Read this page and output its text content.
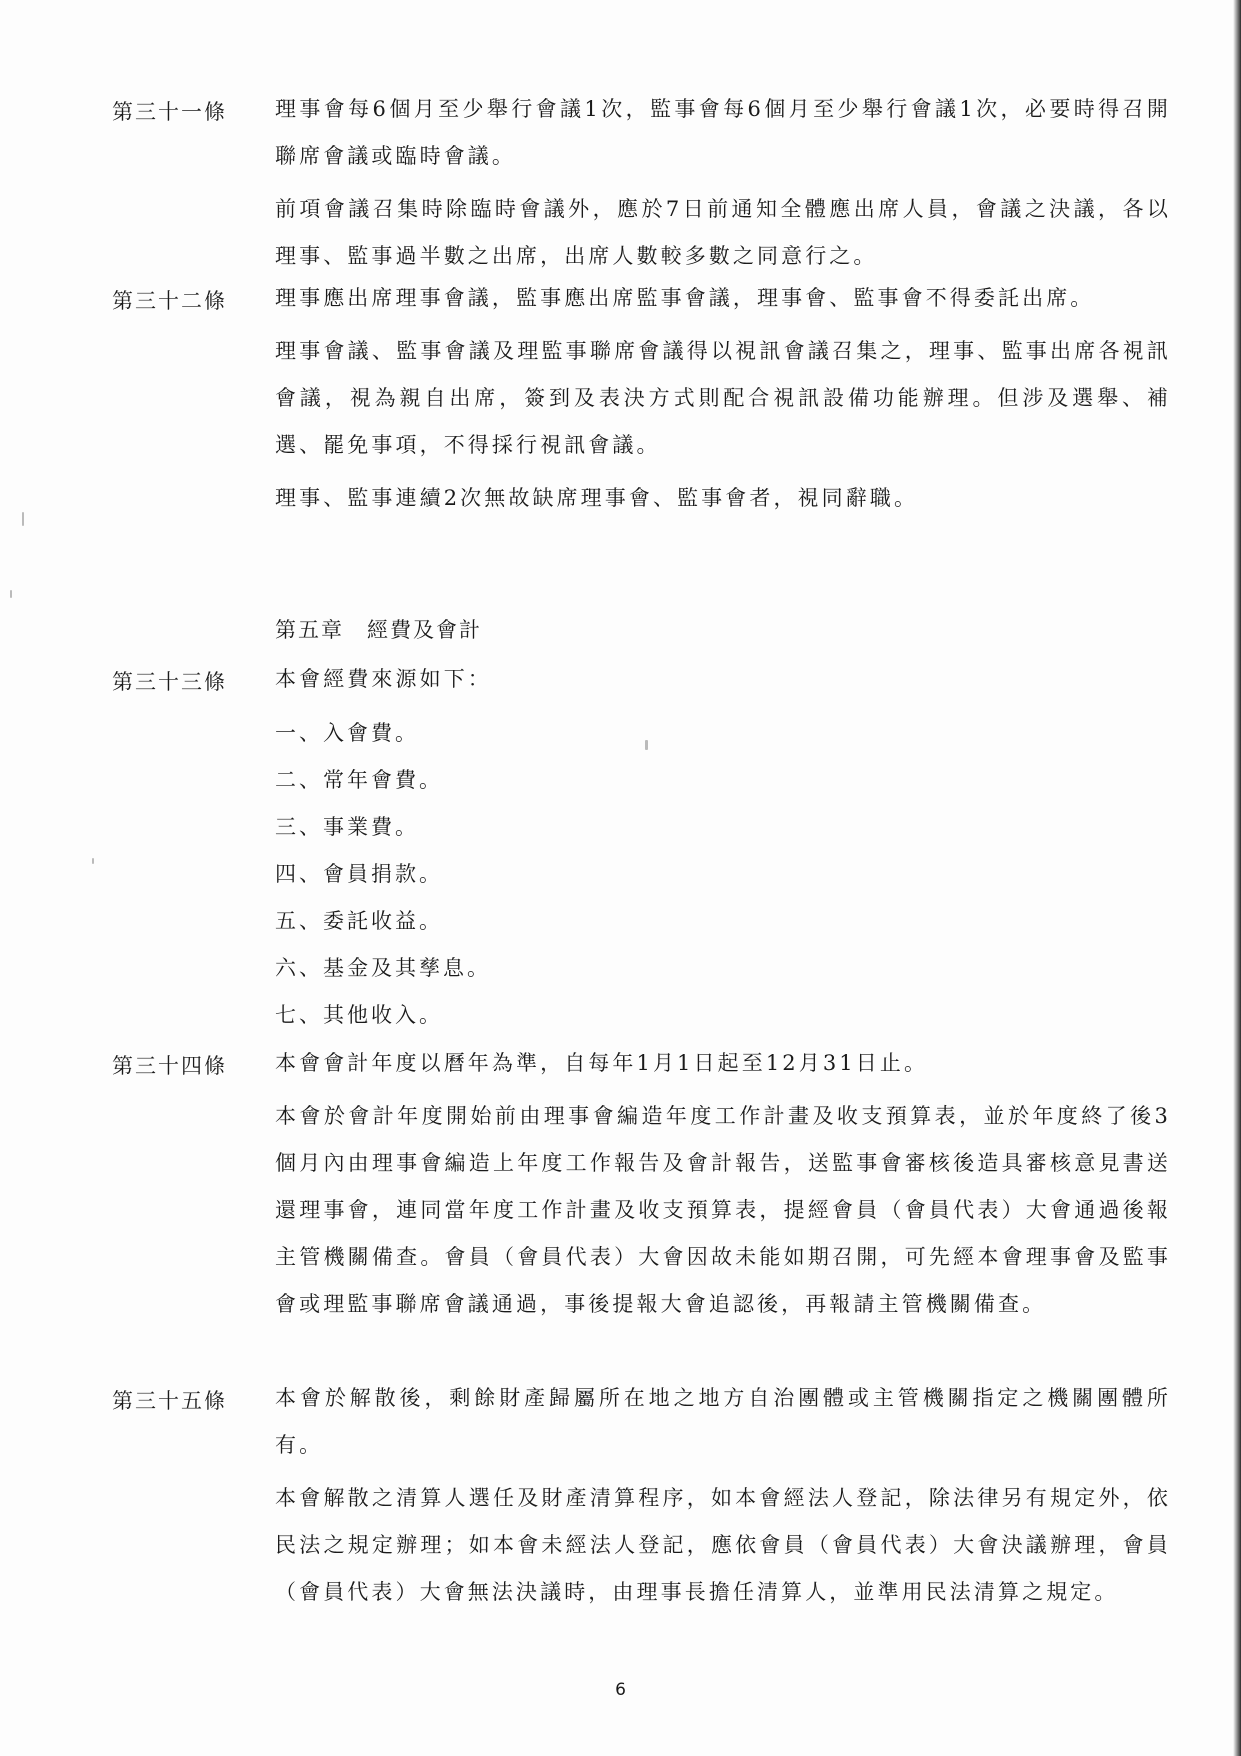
第三十一條 理事會每6個月至少舉行會議1次，監事會每6個月至少舉行會議1次，必要時得召開聯席會議或臨時會議。

前項會議召集時除臨時會議外，應於7日前通知全體應出席人員，會議之決議，各以理事、監事過半數之出席，出席人數較多數之同意行之。

第三十二條 理事應出席理事會議，監事應出席監事會議，理事會、監事會不得委託出席。

理事會議、監事會議及理監事聯席會議得以視訊會議召集之，理事、監事出席各視訊會議，視為親自出席，簽到及表決方式則配合視訊設備功能辦理。但涉及選舉、補選、罷免事項，不得採行視訊會議。

理事、監事連續2次無故缺席理事會、監事會者，視同辭職。

第五章　 經費及會計
第三十三條 本會經費來源如下：

一、入會費。
二、常年會費。
三、事業費。
四、會員捐款。
五、委託收益。
六、基金及其孳息。
七、其他收入。
第三十四條 本會會計年度以曆年為準，自每年1月1日起至12月31日止。

本會於會計年度開始前由理事會編造年度工作計畫及收支預算表，並於年度終了後3個月內由理事會編造上年度工作報告及會計報告，送監事會審核後造具審核意見書送還理事會，連同當年度工作計畫及收支預算表，提經會員（會員代表）大會通過後報主管機關備查。會員（會員代表）大會因故未能如期召開，可先經本會理事會及監事會或理監事聯席會議通過，事後提報大會追認後，再報請主管機關備查。

第三十五條 本會於解散後，剩餘財產歸屬所在地之地方自治團體或主管機關指定之機關團體所有。

本會解散之清算人選任及財產清算程序，如本會經法人登記，除法律另有規定外，依民法之規定辦理；如本會未經法人登記，應依會員（會員代表）大會決議辦理，會員（會員代表）大會無法決議時，由理事長擔任清算人，並準用民法清算之規定。

6
